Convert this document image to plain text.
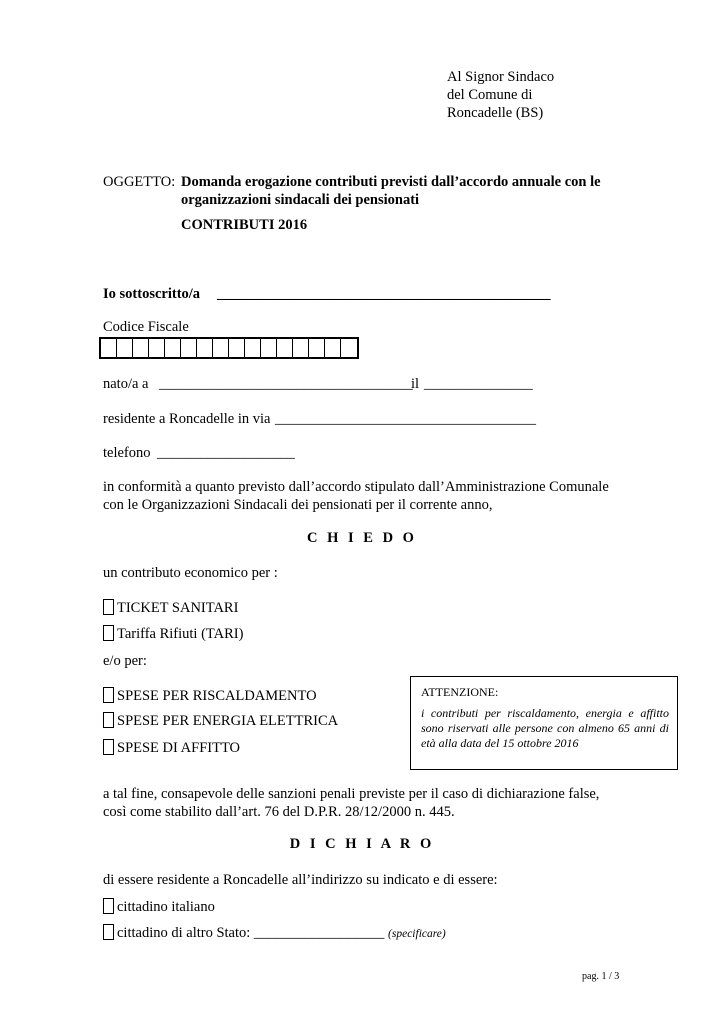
Al Signor Sindaco
del Comune di
Roncadelle (BS)
OGGETTO: Domanda erogazione contributi previsti dall’accordo annuale con le
organizzazioni sindacali dei pensionati
CONTRIBUTI 2016
Io sottoscritto/a ______________________________________________
Codice Fiscale
nato/a a ___________________________________
il _______________
residente a Roncadelle in via ____________________________________
telefono ___________________
in conformità a quanto previsto dall’accordo stipulato dall’Amministrazione Comunale
con le Organizzazioni Sindacali dei pensionati per il corrente anno,
C H I E D O
un contributo economico per :
TICKET SANITARI
Tariffa Rifiuti (TARI)
e/o per:
SPESE PER RISCALDAMENTO
SPESE PER ENERGIA ELETTRICA
SPESE DI AFFITTO
ATTENZIONE:
i contributi per riscaldamento, energia e affitto sono riservati alle persone con almeno 65 anni di età alla data del 15 ottobre 2016
a tal fine, consapevole delle sanzioni penali previste per il caso di dichiarazione false,
così come stabilito dall’art. 76 del D.P.R. 28/12/2000 n. 445.
D I C H I A R O
di essere residente a Roncadelle all’indirizzo su indicato e di essere:
cittadino italiano
cittadino di altro Stato: __________________ (specificare)
pag. 1 / 3
